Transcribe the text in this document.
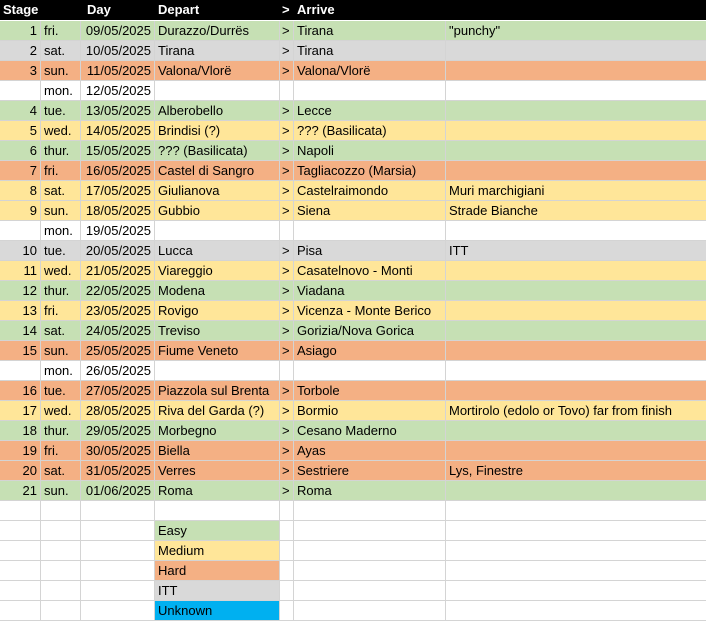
Stage	Day	Depart	> Arrive
1 fri.	09/05/2025 Durazzo/Durrës	> Tirana	"punchy"
2 sat.	10/05/2025 Tirana	> Tirana
3 sun.	11/05/2025 Valona/Vlorë	> Valona/Vlorë
mon.	12/05/2025
4 tue.	13/05/2025 Alberobello	> Lecce
5 wed.	14/05/2025 Brindisi (?)	> ??? (Basilicata)
6 thur.	15/05/2025 ??? (Basilicata)	> Napoli
7 fri.	16/05/2025 Castel di Sangro	> Tagliacozzo (Marsia)
8 sat.	17/05/2025 Giulianova	> Castelraimondo	Muri marchigiani
9 sun.	18/05/2025 Gubbio	> Siena	Strade Bianche
mon.	19/05/2025
10 tue.	20/05/2025 Lucca	> Pisa	ITT
11 wed.	21/05/2025 Viareggio	> Casatelnovo - Monti
12 thur.	22/05/2025 Modena	> Viadana
13 fri.	23/05/2025 Rovigo	> Vicenza - Monte Berico
14 sat.	24/05/2025 Treviso	> Gorizia/Nova Gorica
15 sun.	25/05/2025 Fiume Veneto	> Asiago
mon.	26/05/2025
16 tue.	27/05/2025 Piazzola sul Brenta > Torbole
17 wed.	28/05/2025 Riva del Garda (?)	> Bormio	Mortirolo (edolo or Tovo) far from finish
18 thur.	29/05/2025 Morbegno	> Cesano Maderno
19 fri.	30/05/2025 Biella	> Ayas
20 sat.	31/05/2025 Verres	> Sestriere	Lys, Finestre
21 sun.	01/06/2025 Roma	> Roma
Easy
Medium
Hard
ITT
Unknown
